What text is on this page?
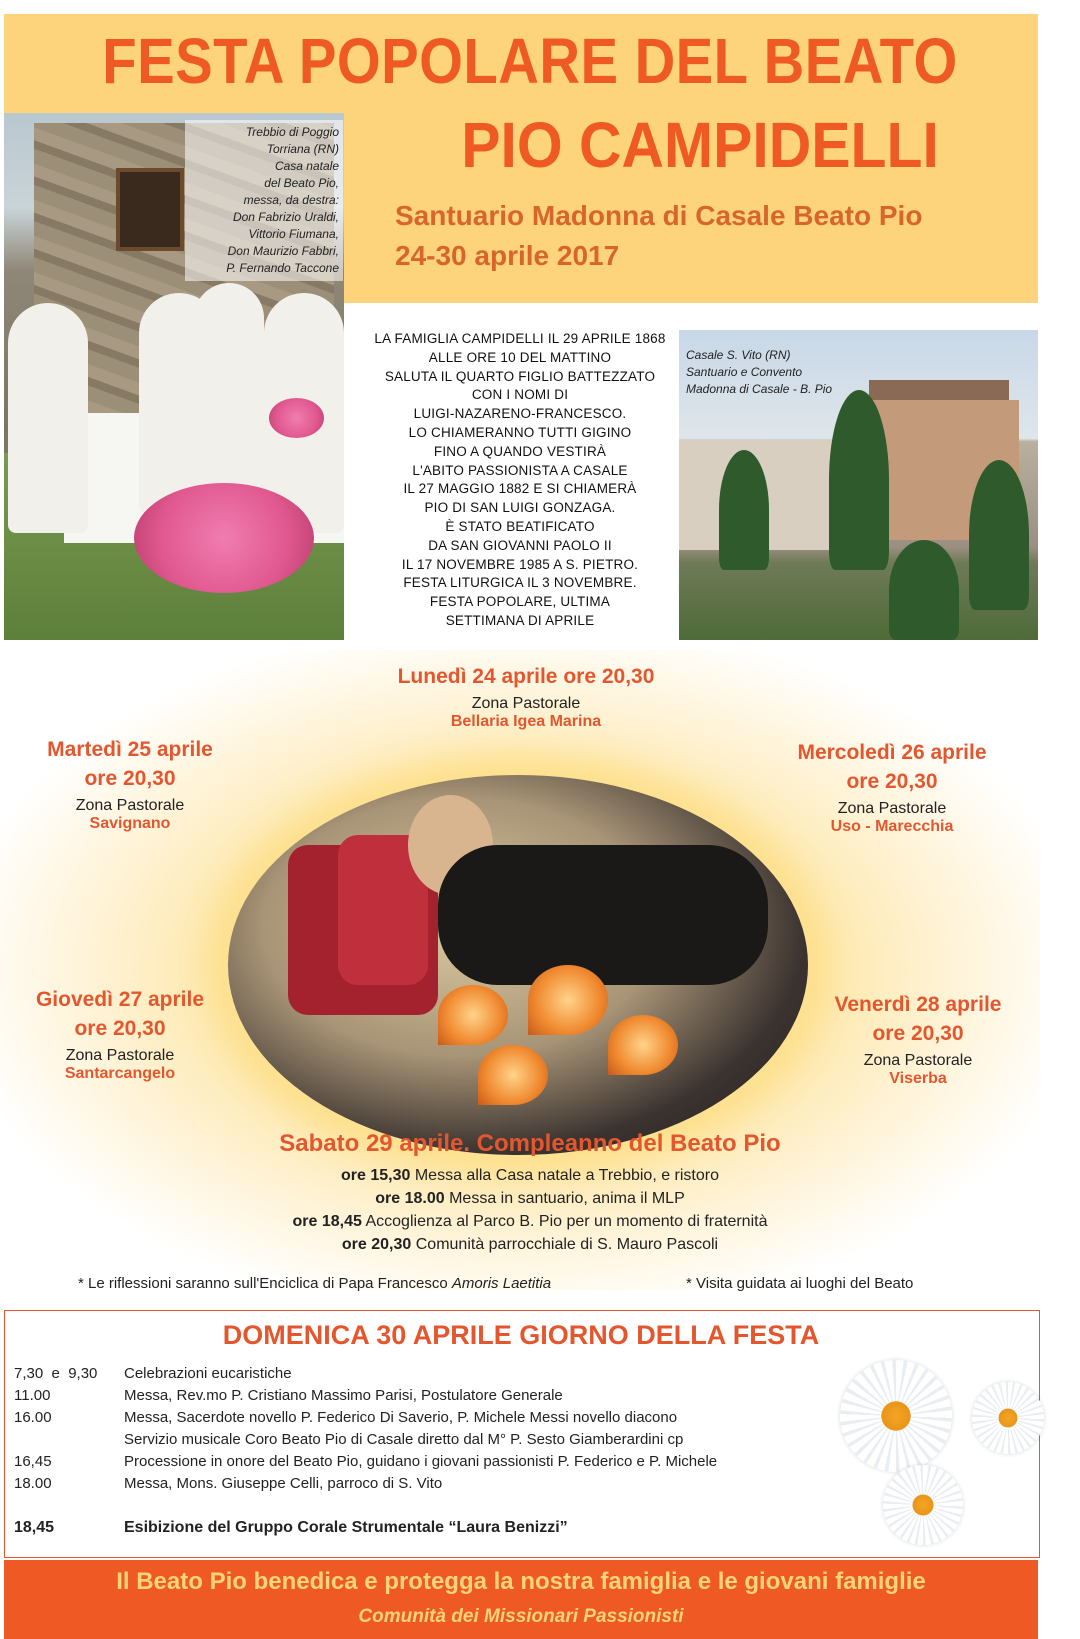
FESTA POPOLARE DEL BEATO
PIO CAMPIDELLI
Santuario Madonna di Casale Beato Pio
24-30 aprile 2017
Trebbio di Poggio
Torriana (RN)
Casa natale
del Beato Pio,
messa, da destra:
Don Fabrizio Uraldi,
Vittorio Fiumana,
Don Maurizio Fabbri,
P. Fernando Taccone
LA FAMIGLIA CAMPIDELLI IL 29 APRILE 1868
ALLE ORE 10 DEL MATTINO
SALUTA IL QUARTO FIGLIO BATTEZZATO
CON I NOMI DI
LUIGI-NAZARENO-FRANCESCO.
LO CHIAMERANNO TUTTI GIGINO
FINO A QUANDO VESTIRÀ
L'ABITO PASSIONISTA A CASALE
IL 27 MAGGIO 1882 E SI CHIAMERÀ
PIO DI SAN LUIGI GONZAGA.
È STATO BEATIFICATO
DA SAN GIOVANNI PAOLO II
IL 17 NOVEMBRE 1985 A S. PIETRO.
FESTA LITURGICA IL 3 NOVEMBRE.
FESTA POPOLARE, ULTIMA
SETTIMANA DI APRILE
Casale S. Vito (RN)
Santuario e Convento
Madonna di Casale - B. Pio
Lunedì 24 aprile ore 20,30
Zona Pastorale
Bellaria Igea Marina
Martedì 25 aprile
ore 20,30
Zona Pastorale
Savignano
Mercoledì 26 aprile
ore 20,30
Zona Pastorale
Uso - Marecchia
Giovedì 27 aprile
ore 20,30
Zona Pastorale
Santarcangelo
Venerdì 28 aprile
ore 20,30
Zona Pastorale
Viserba
Sabato 29 aprile. Compleanno del Beato Pio
ore 15,30 Messa alla Casa natale a Trebbio, e ristoro
ore 18.00 Messa in santuario, anima il MLP
ore 18,45 Accoglienza al Parco B. Pio per un momento di fraternità
ore 20,30 Comunità parrocchiale di S. Mauro Pascoli
* Le riflessioni saranno sull'Enciclica di Papa Francesco Amoris Laetitia	* Visita guidata ai luoghi del Beato
DOMENICA 30 APRILE GIORNO DELLA FESTA
7,30  e  9,30	Celebrazioni eucaristiche
11.00	Messa, Rev.mo P. Cristiano Massimo Parisi, Postulatore Generale
16.00	Messa, Sacerdote novello P. Federico Di Saverio, P. Michele Messi novello diacono
Servizio musicale Coro Beato Pio di Casale diretto dal M° P. Sesto Giamberardini cp
16,45	Processione in onore del Beato Pio, guidano i giovani passionisti P. Federico e P. Michele
18.00	Messa, Mons. Giuseppe Celli, parroco di S. Vito
18,45	Esibizione del Gruppo Corale Strumentale “Laura Benizzi”
Il Beato Pio benedica e protegga la nostra famiglia e le giovani famiglie
Comunità dei Missionari Passionisti
